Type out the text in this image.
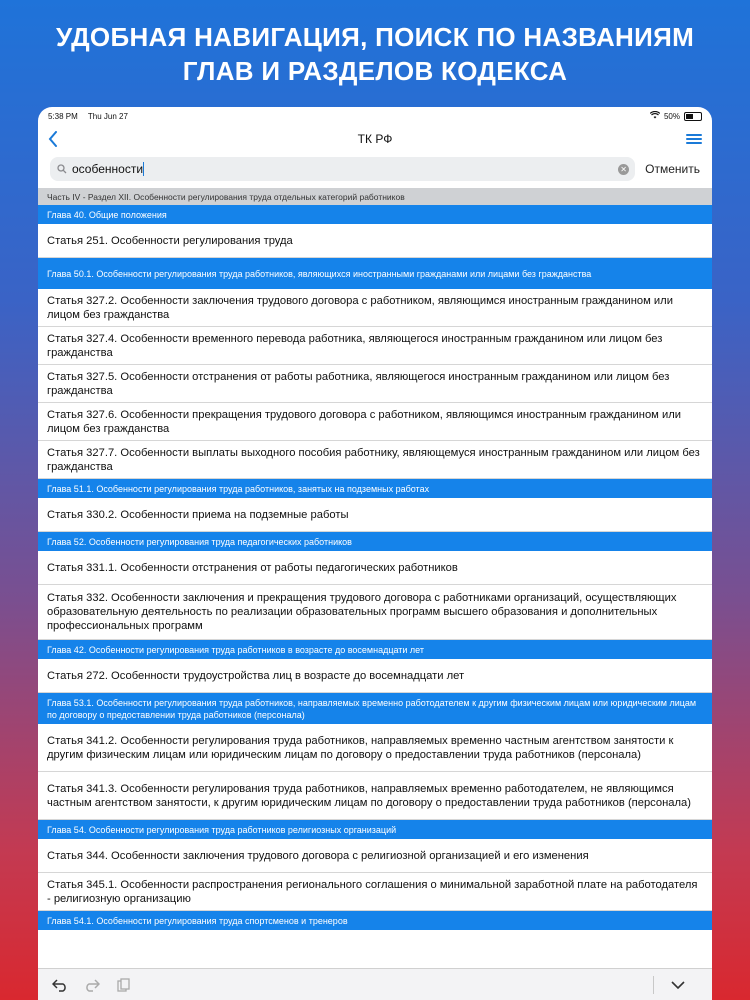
УДОБНАЯ НАВИГАЦИЯ, ПОИСК ПО НАЗВАНИЯМ
ГЛАВ И РАЗДЕЛОВ КОДЕКСА
5:38 PM Thu Jun 27	50%
ТК РФ
особенности	✕ Отменить
Часть IV - Раздел XII. Особенности регулирования труда отдельных категорий работников
Глава 40. Общие положения
Статья 251. Особенности регулирования труда
Глава 50.1. Особенности регулирования труда работников, являющихся иностранными гражданами или лицами без гражданства
Статья 327.2. Особенности заключения трудового договора с работником, являющимся иностранным гражданином или лицом без гражданства
Статья 327.4. Особенности временного перевода работника, являющегося иностранным гражданином или лицом без гражданства
Статья 327.5. Особенности отстранения от работы работника, являющегося иностранным гражданином или лицом без гражданства
Статья 327.6. Особенности прекращения трудового договора с работником, являющимся иностранным гражданином или лицом без гражданства
Статья 327.7. Особенности выплаты выходного пособия работнику, являющемуся иностранным гражданином или лицом без гражданства
Глава 51.1. Особенности регулирования труда работников, занятых на подземных работах
Статья 330.2. Особенности приема на подземные работы
Глава 52. Особенности регулирования труда педагогических работников
Статья 331.1. Особенности отстранения от работы педагогических работников
Статья 332. Особенности заключения и прекращения трудового договора с работниками организаций, осуществляющих образовательную деятельность по реализации образовательных программ высшего образования и дополнительных профессиональных программ
Глава 42. Особенности регулирования труда работников в возрасте до восемнадцати лет
Статья 272. Особенности трудоустройства лиц в возрасте до восемнадцати лет
Глава 53.1. Особенности регулирования труда работников, направляемых временно работодателем к другим физическим лицам или юридическим лицам по договору о предоставлении труда работников (персонала)
Статья 341.2. Особенности регулирования труда работников, направляемых временно частным агентством занятости к другим физическим лицам или юридическим лицам по договору о предоставлении труда работников (персонала)
Статья 341.3. Особенности регулирования труда работников, направляемых временно работодателем, не являющимся частным агентством занятости, к другим юридическим лицам по договору о предоставлении труда работников (персонала)
Глава 54. Особенности регулирования труда работников религиозных организаций
Статья 344. Особенности заключения трудового договора с религиозной организацией и его изменения
Статья 345.1. Особенности распространения регионального соглашения о минимальной заработной плате на работодателя - религиозную организацию
Глава 54.1. Особенности регулирования труда спортсменов и тренеров
